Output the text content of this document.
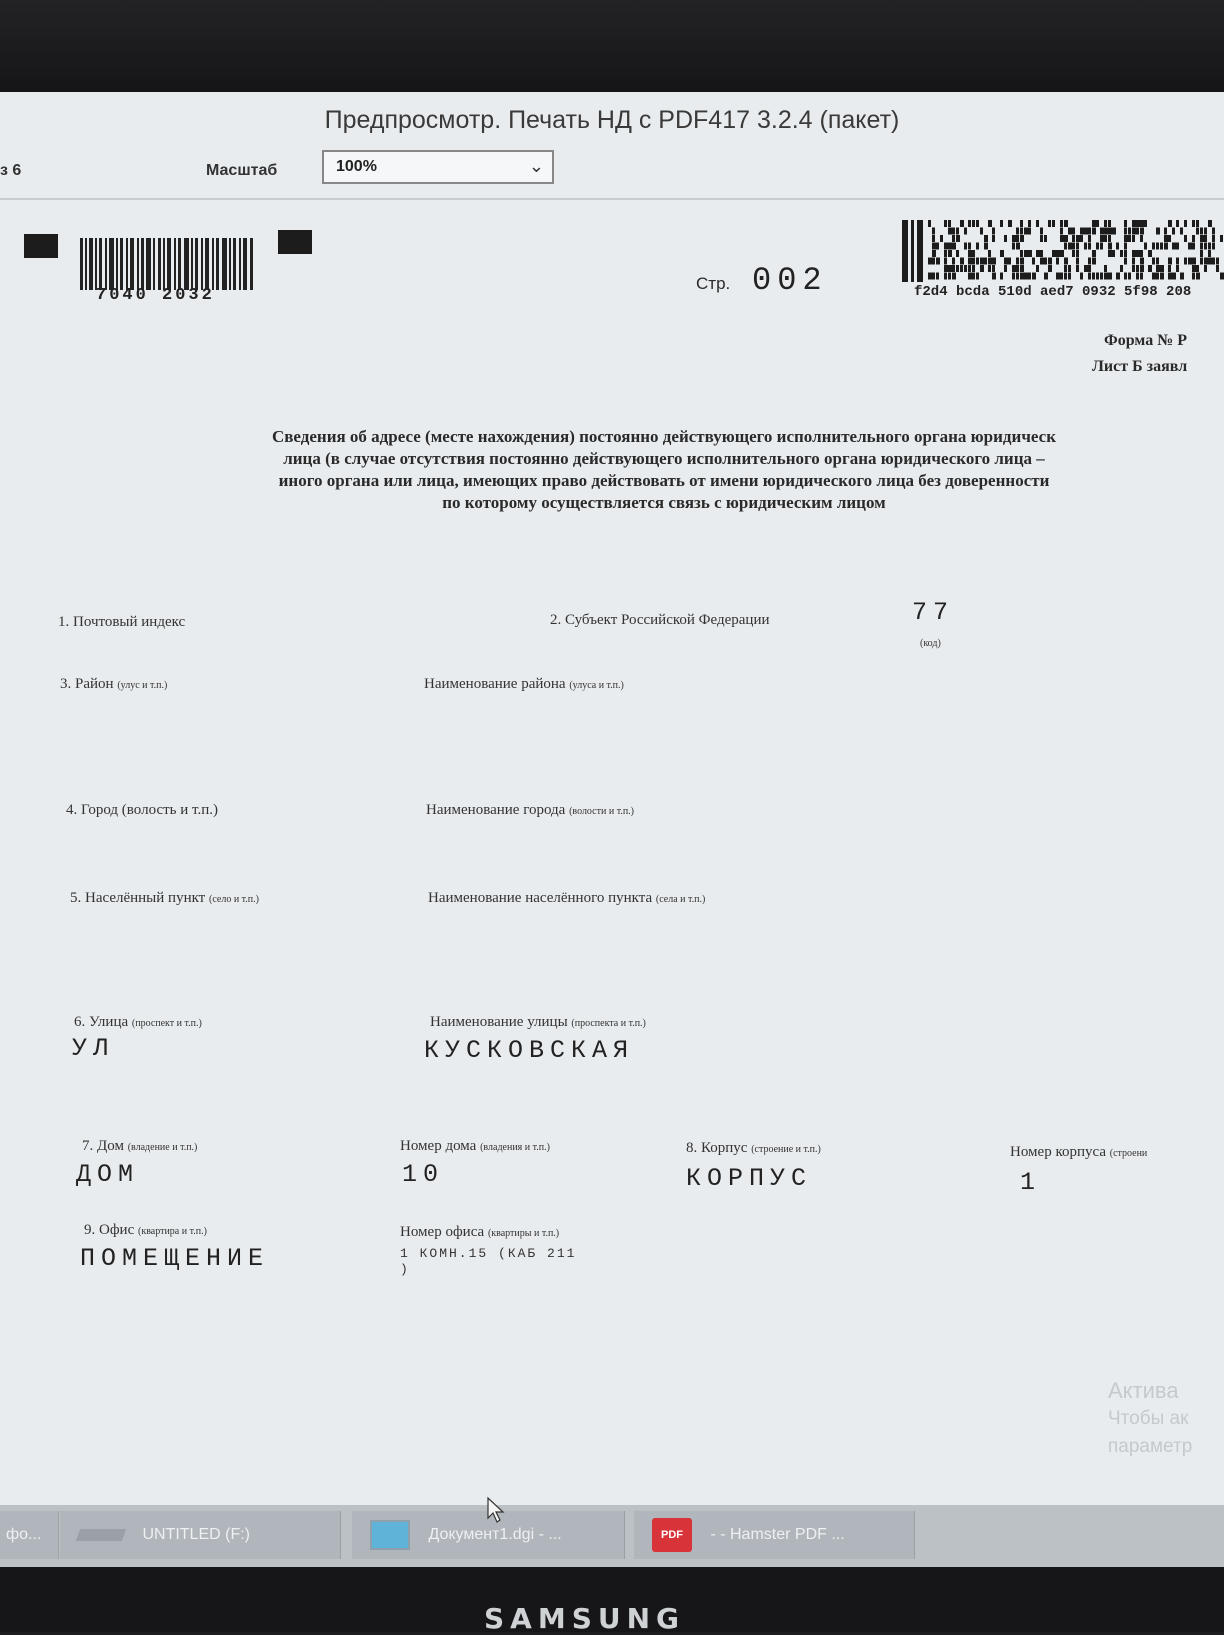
Предпросмотр. Печать НД с PDF417 3.2.4 (пакет)
з 6	Масштаб	100%	⌄
7040 2032
Стр. 002	f2d4 bcda 510d aed7 0932 5f98 208
Форма № Р
Лист Б заявл
Сведения об адресе (месте нахождения) постоянно действующего исполнительного органа юридическ
лица (в случае отсутствия постоянно действующего исполнительного органа юридического лица –
иного органа или лица, имеющих право действовать от имени юридического лица без доверенности
по которому осуществляется связь с юридическим лицом
1. Почтовый индекс	2. Субъект Российской Федерации	77
(код)
3. Район (улус и т.п.)	Наименование района (улуса и т.п.)
4. Город (волость и т.п.)	Наименование города (волости и т.п.)
5. Населённый пункт (село и т.п.)	Наименование населённого пункта (села и т.п.)
6. Улица (проспект и т.п.)
УЛ
Наименование улицы (проспекта и т.п.)
КУСКОВСКАЯ
7. Дом (владение и т.п.)
ДОМ
Номер дома (владения и т.п.)
10
8. Корпус (строение и т.п.)
КОРПУС
Номер корпуса (строени
1
9. Офис (квартира и т.п.)
ПОМЕЩЕНИЕ
Номер офиса (квартиры и т.п.)
1 КОМН.15 (КАБ 211
)
Актива
Чтобы ак
параметр
фо...	UNTITLED (F:)	Документ1.dgi - ...	PDF - - Hamster PDF ...
SAMSUNG
